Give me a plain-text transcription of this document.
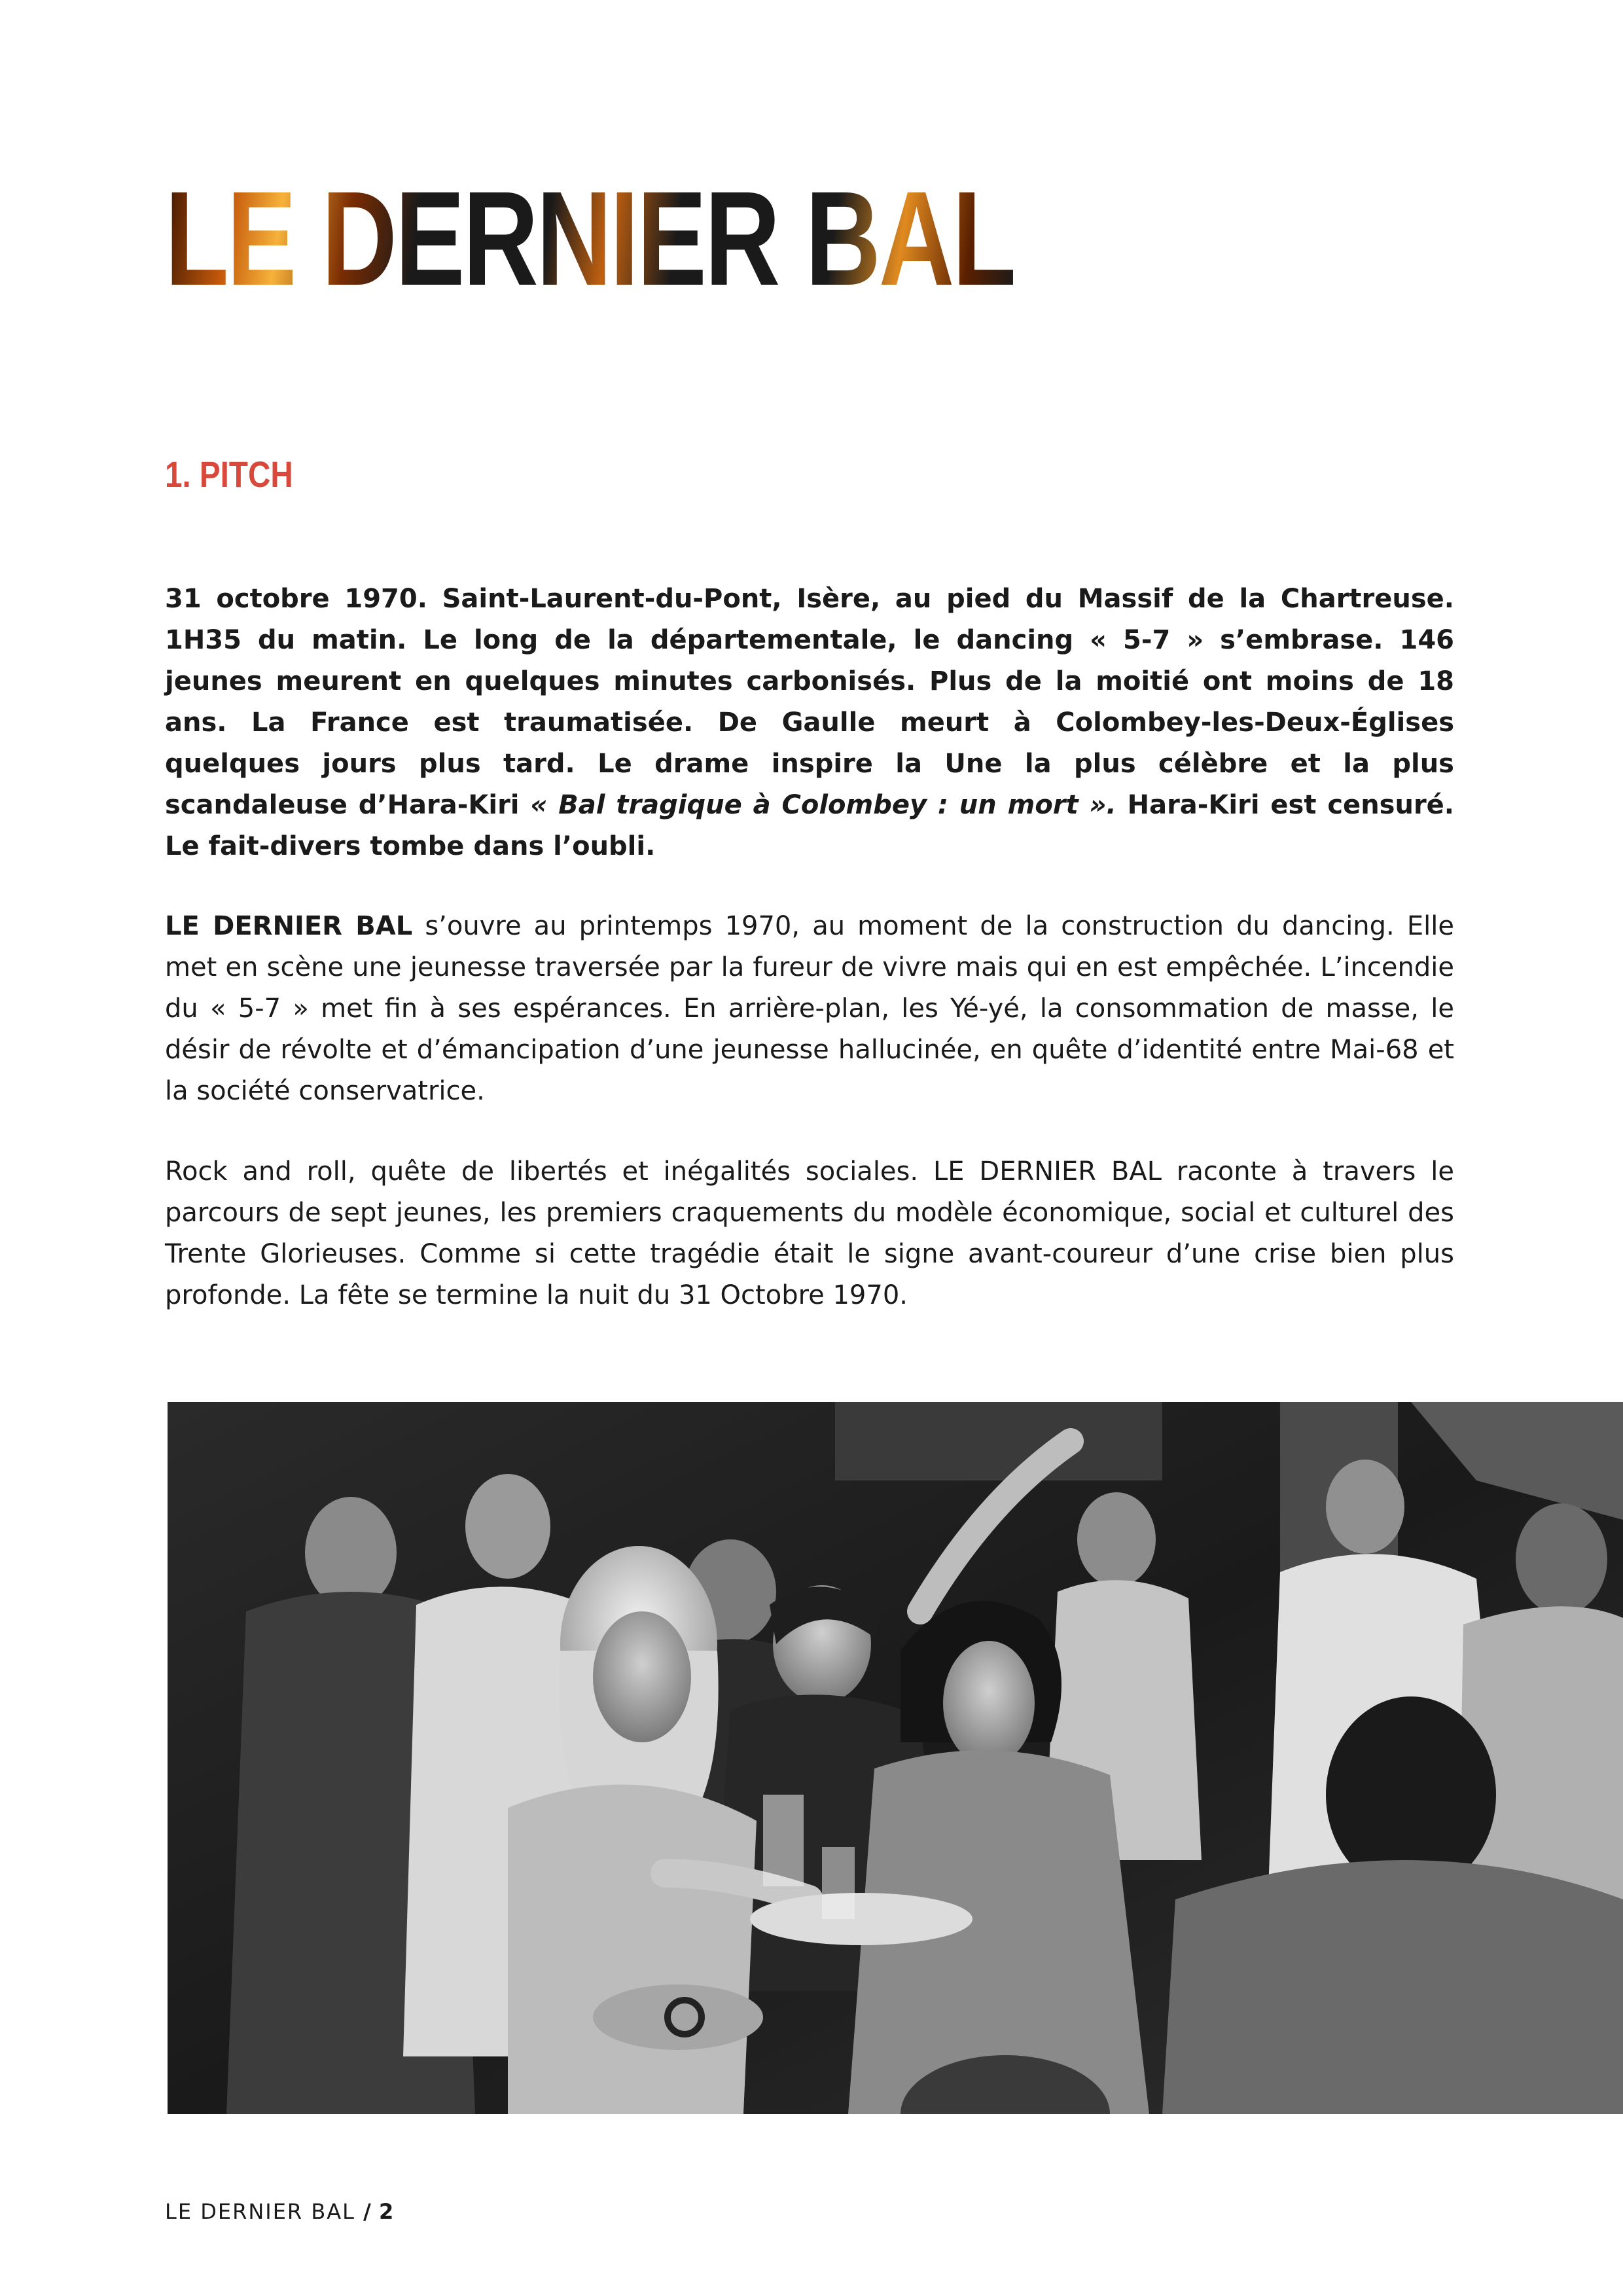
LE DERNIER BAL
1. PITCH

31 octobre 1970. Saint-Laurent-du-Pont, Isère, au pied du Massif de la Chartreuse. 1H35 du matin. Le long de la départementale, le dancing « 5-7 » s’embrase. 146 jeunes meurent en quelques minutes carbonisés. Plus de la moitié ont moins de 18 ans. La France est traumatisée. De Gaulle meurt à Colombey-les-Deux-Églises quelques jours plus tard. Le drame inspire la Une la plus célèbre et la plus scandaleuse d’Hara-Kiri « Bal tragique à Colombey : un mort ». Hara-Kiri est censuré. Le fait-divers tombe dans l’oubli.

LE DERNIER BAL s’ouvre au printemps 1970, au moment de la construction du dancing. Elle met en scène une jeunesse traversée par la fureur de vivre mais qui en est empêchée. L’incendie du « 5-7 » met fin à ses espérances. En arrière-plan, les Yé-yé, la consommation de masse, le désir de révolte et d’émancipation d’une jeunesse hallucinée, en quête d’identité entre Mai-68 et la société conservatrice.

Rock and roll, quête de libertés et inégalités sociales. LE DERNIER BAL raconte à travers le parcours de sept jeunes, les premiers craquements du modèle économique, social et culturel des Trente Glorieuses. Comme si cette tragédie était le signe avant-coureur d’une crise bien plus profonde. La fête se termine la nuit du 31 Octobre 1970.

LE DERNIER BAL / 2
